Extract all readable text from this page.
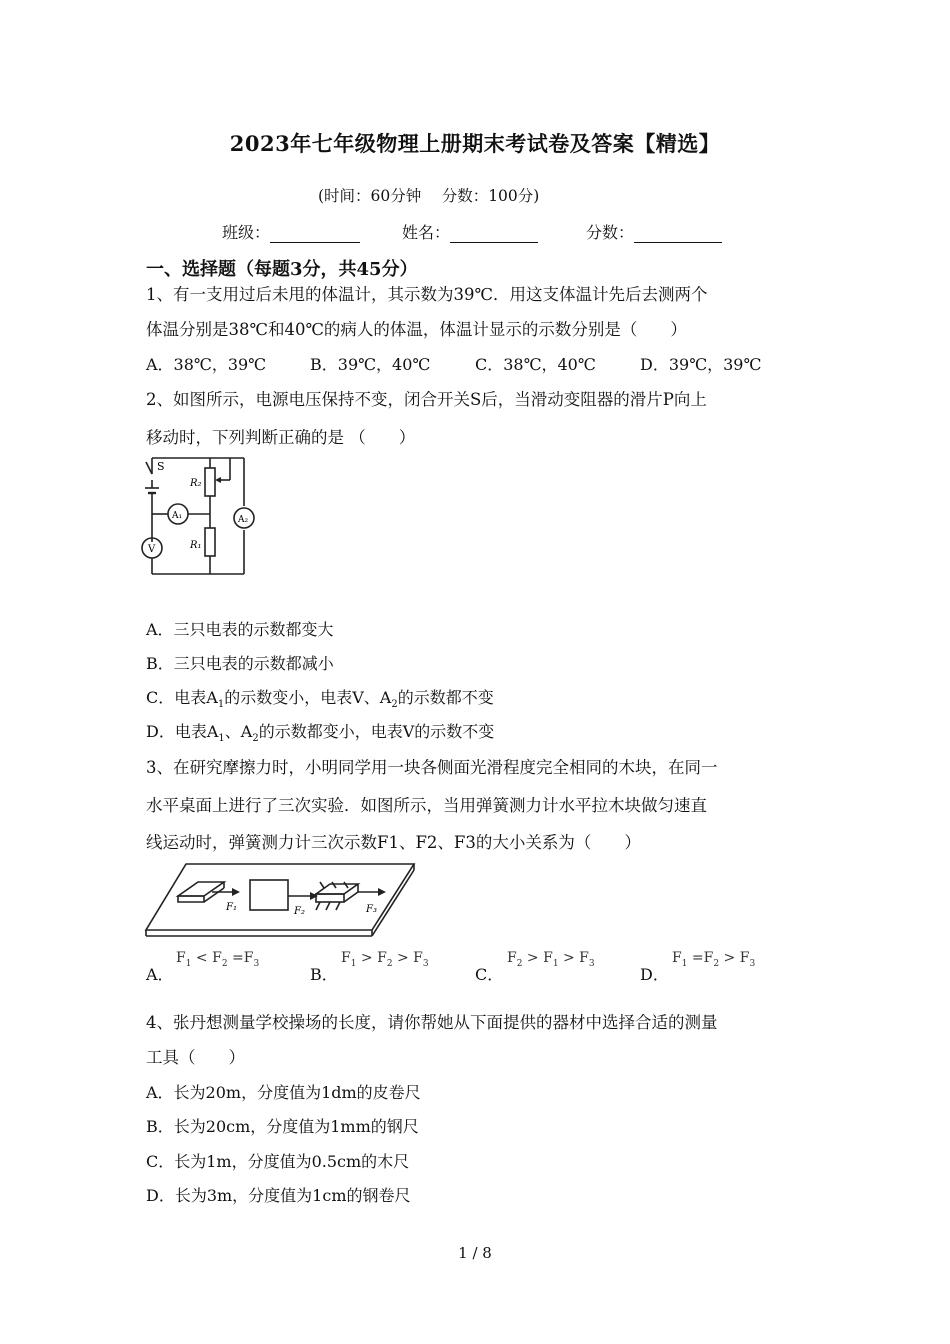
2023年七年级物理上册期末考试卷及答案【精选】
(时间：60分钟　 分数：100分)
班级：	姓名：	分数：
一、选择题（每题3分，共45分）
1、有一支用过后未甩的体温计，其示数为39℃．用这支体温计先后去测两个
体温分别是38℃和40℃的病人的体温，体温计显示的示数分别是（　　）
A．38℃，39℃	B．39℃，40℃	C．38℃，40℃	D．39℃，39℃
2、如图所示，电源电压保持不变，闭合开关S后，当滑动变阻器的滑片P向上
移动时，下列判断正确的是 （　　）
S
R₂
R₁
A₁	A₂
V
A．三只电表的示数都变大
B．三只电表的示数都减小
C．电表$A_1$的示数变小，电表V、$A_2$的示数都不变
D．电表$A_1$、$A_2$的示数都变小，电表V的示数不变
3、在研究摩擦力时，小明同学用一块各侧面光滑程度完全相同的木块，在同一
水平桌面上进行了三次实验．如图所示，当用弹簧测力计水平拉木块做匀速直
线运动时，弹簧测力计三次示数F1、F2、F3的大小关系为（　　）
F₁	F₂	F₃
A．
$F_1 < F_2 =F_3$
B．
$F_1 > F_2 > F_3$
C．
$F_2 > F_1 > F_3$
D．
$F_1 =F_2 > F_3$
4、张丹想测量学校操场的长度，请你帮她从下面提供的器材中选择合适的测量
工具（　　）
A．长为20m，分度值为1dm的皮卷尺
B．长为20cm，分度值为1mm的钢尺
C．长为1m，分度值为0.5cm的木尺
D．长为3m，分度值为1cm的钢卷尺
1 / 8
